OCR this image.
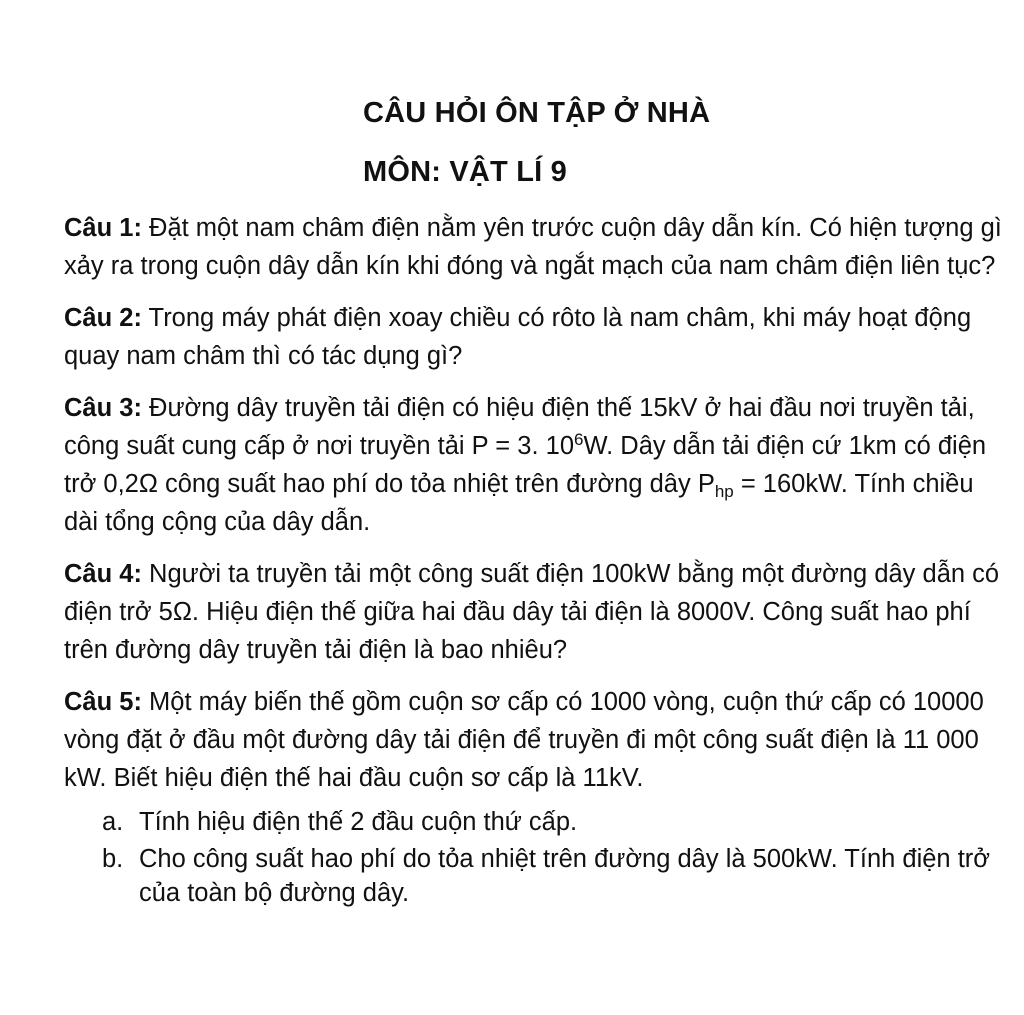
CÂU HỎI ÔN TẬP Ở NHÀ
MÔN: VẬT LÍ 9

Câu 1: Đặt một nam châm điện nằm yên trước cuộn dây dẫn kín. Có hiện tượng gì xảy ra trong cuộn dây dẫn kín khi đóng và ngắt mạch của nam châm điện liên tục?

Câu 2: Trong máy phát điện xoay chiều có rôto là nam châm, khi máy hoạt động quay nam châm thì có tác dụng gì?

Câu 3: Đường dây truyền tải điện có hiệu điện thế 15kV ở hai đầu nơi truyền tải, công suất cung cấp ở nơi truyền tải P = 3. $10^6W$. Dây dẫn tải điện cứ 1km có điện trở 0,2Ω công suất hao phí do tỏa nhiệt trên đường dây $P_{hp} = 160kW$. Tính chiều dài tổng cộng của dây dẫn.

Câu 4: Người ta truyền tải một công suất điện 100kW bằng một đường dây dẫn có điện trở 5Ω. Hiệu điện thế giữa hai đầu dây tải điện là 8000V. Công suất hao phí trên đường dây truyền tải điện là bao nhiêu?

Câu 5: Một máy biến thế gồm cuộn sơ cấp có 1000 vòng, cuộn thứ cấp có 10000 vòng đặt ở đầu một đường dây tải điện để truyền đi một công suất điện là 11 000 kW. Biết hiệu điện thế hai đầu cuộn sơ cấp là 11kV.

a. Tính hiệu điện thế 2 đầu cuộn thứ cấp.
b. Cho công suất hao phí do tỏa nhiệt trên đường dây là 500kW. Tính điện trở của toàn bộ đường dây.
